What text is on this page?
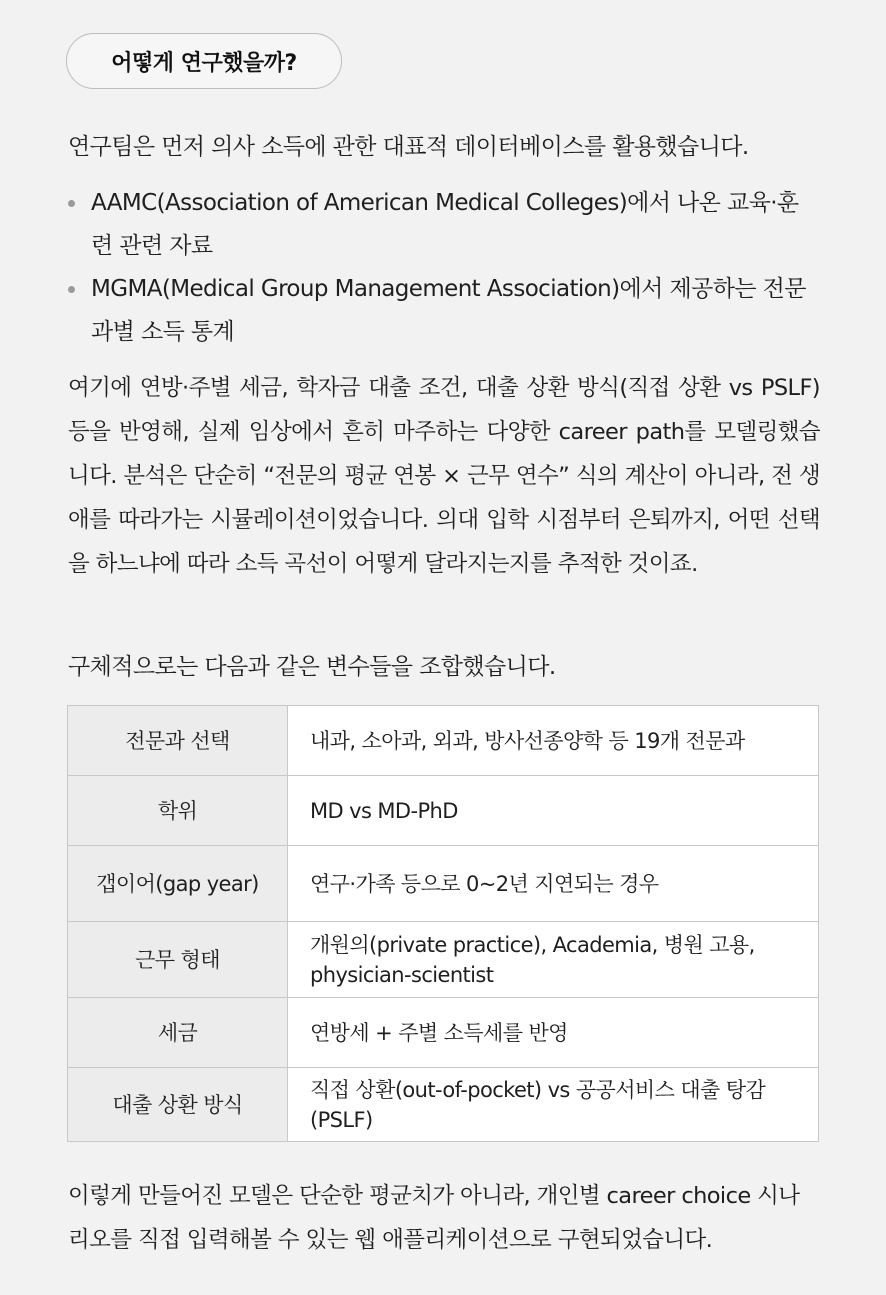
어떻게 연구했을까?

연구팀은 먼저 의사 소득에 관한 대표적 데이터베이스를 활용했습니다.

AAMC(Association of American Medical Colleges)에서 나온 교육·훈련 관련 자료
MGMA(Medical Group Management Association)에서 제공하는 전문과별 소득 통계

여기에 연방·주별 세금, 학자금 대출 조건, 대출 상환 방식(직접 상환 vs PSLF) 등을 반영해, 실제 임상에서 흔히 마주하는 다양한 career path를 모델링했습니다. 분석은 단순히 “전문의 평균 연봉 × 근무 연수” 식의 계산이 아니라, 전 생애를 따라가는 시뮬레이션이었습니다. 의대 입학 시점부터 은퇴까지, 어떤 선택을 하느냐에 따라 소득 곡선이 어떻게 달라지는지를 추적한 것이죠.

구체적으로는 다음과 같은 변수들을 조합했습니다.

전문과 선택	내과, 소아과, 외과, 방사선종양학 등 19개 전문과
학위	MD vs MD-PhD
갭이어(gap year)	연구·가족 등으로 0~2년 지연되는 경우
근무 형태	개원의(private practice), Academia, 병원 고용, physician-scientist
세금	연방세 + 주별 소득세를 반영
대출 상환 방식	직접 상환(out-of-pocket) vs 공공서비스 대출 탕감(PSLF)

이렇게 만들어진 모델은 단순한 평균치가 아니라, 개인별 career choice 시나리오를 직접 입력해볼 수 있는 웹 애플리케이션으로 구현되었습니다.
